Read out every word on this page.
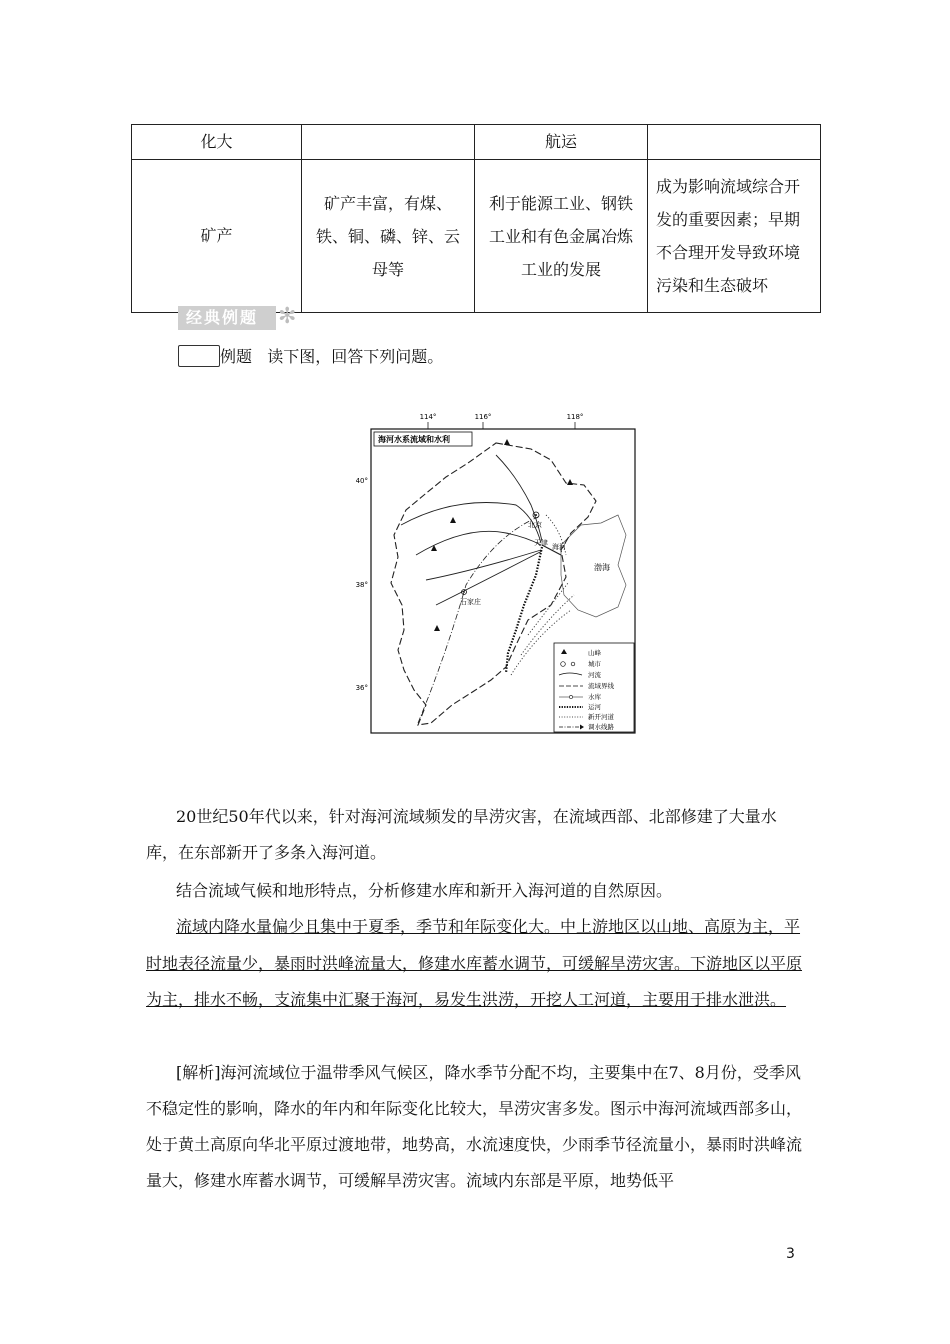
化大		航运	
矿产	矿产丰富，有煤、铁、铜、磷、锌、云母等	利于能源工业、钢铁工业和有色金属冶炼工业的发展	成为影响流域综合开发的重要因素；早期不合理开发导致环境污染和生态破坏
经典例题 ✻
例题 读下图，回答下列问题。
114°	116°	118°
40°
38°
36°
海河水系流域和水利
渤海
海河
北京
天津
石家庄
山峰
城市
河流
流域界线
水库
运河
新开河道
调水线路
20世纪50年代以来，针对海河流域频发的旱涝灾害，在流域西部、北部修建了大量水库，在东部新开了多条入海河道。
结合流域气候和地形特点，分析修建水库和新开入海河道的自然原因。
流域内降水量偏少且集中于夏季，季节和年际变化大。中上游地区以山地、高原为主，平时地表径流量少，暴雨时洪峰流量大，修建水库蓄水调节，可缓解旱涝灾害。下游地区以平原为主，排水不畅，支流集中汇聚于海河，易发生洪涝，开挖人工河道，主要用于排水泄洪。
[解析]海河流域位于温带季风气候区，降水季节分配不均，主要集中在7、8月份，受季风不稳定性的影响，降水的年内和年际变化比较大，旱涝灾害多发。图示中海河流域西部多山，处于黄土高原向华北平原过渡地带，地势高，水流速度快，少雨季节径流量小，暴雨时洪峰流量大，修建水库蓄水调节，可缓解旱涝灾害。流域内东部是平原，地势低平
3
